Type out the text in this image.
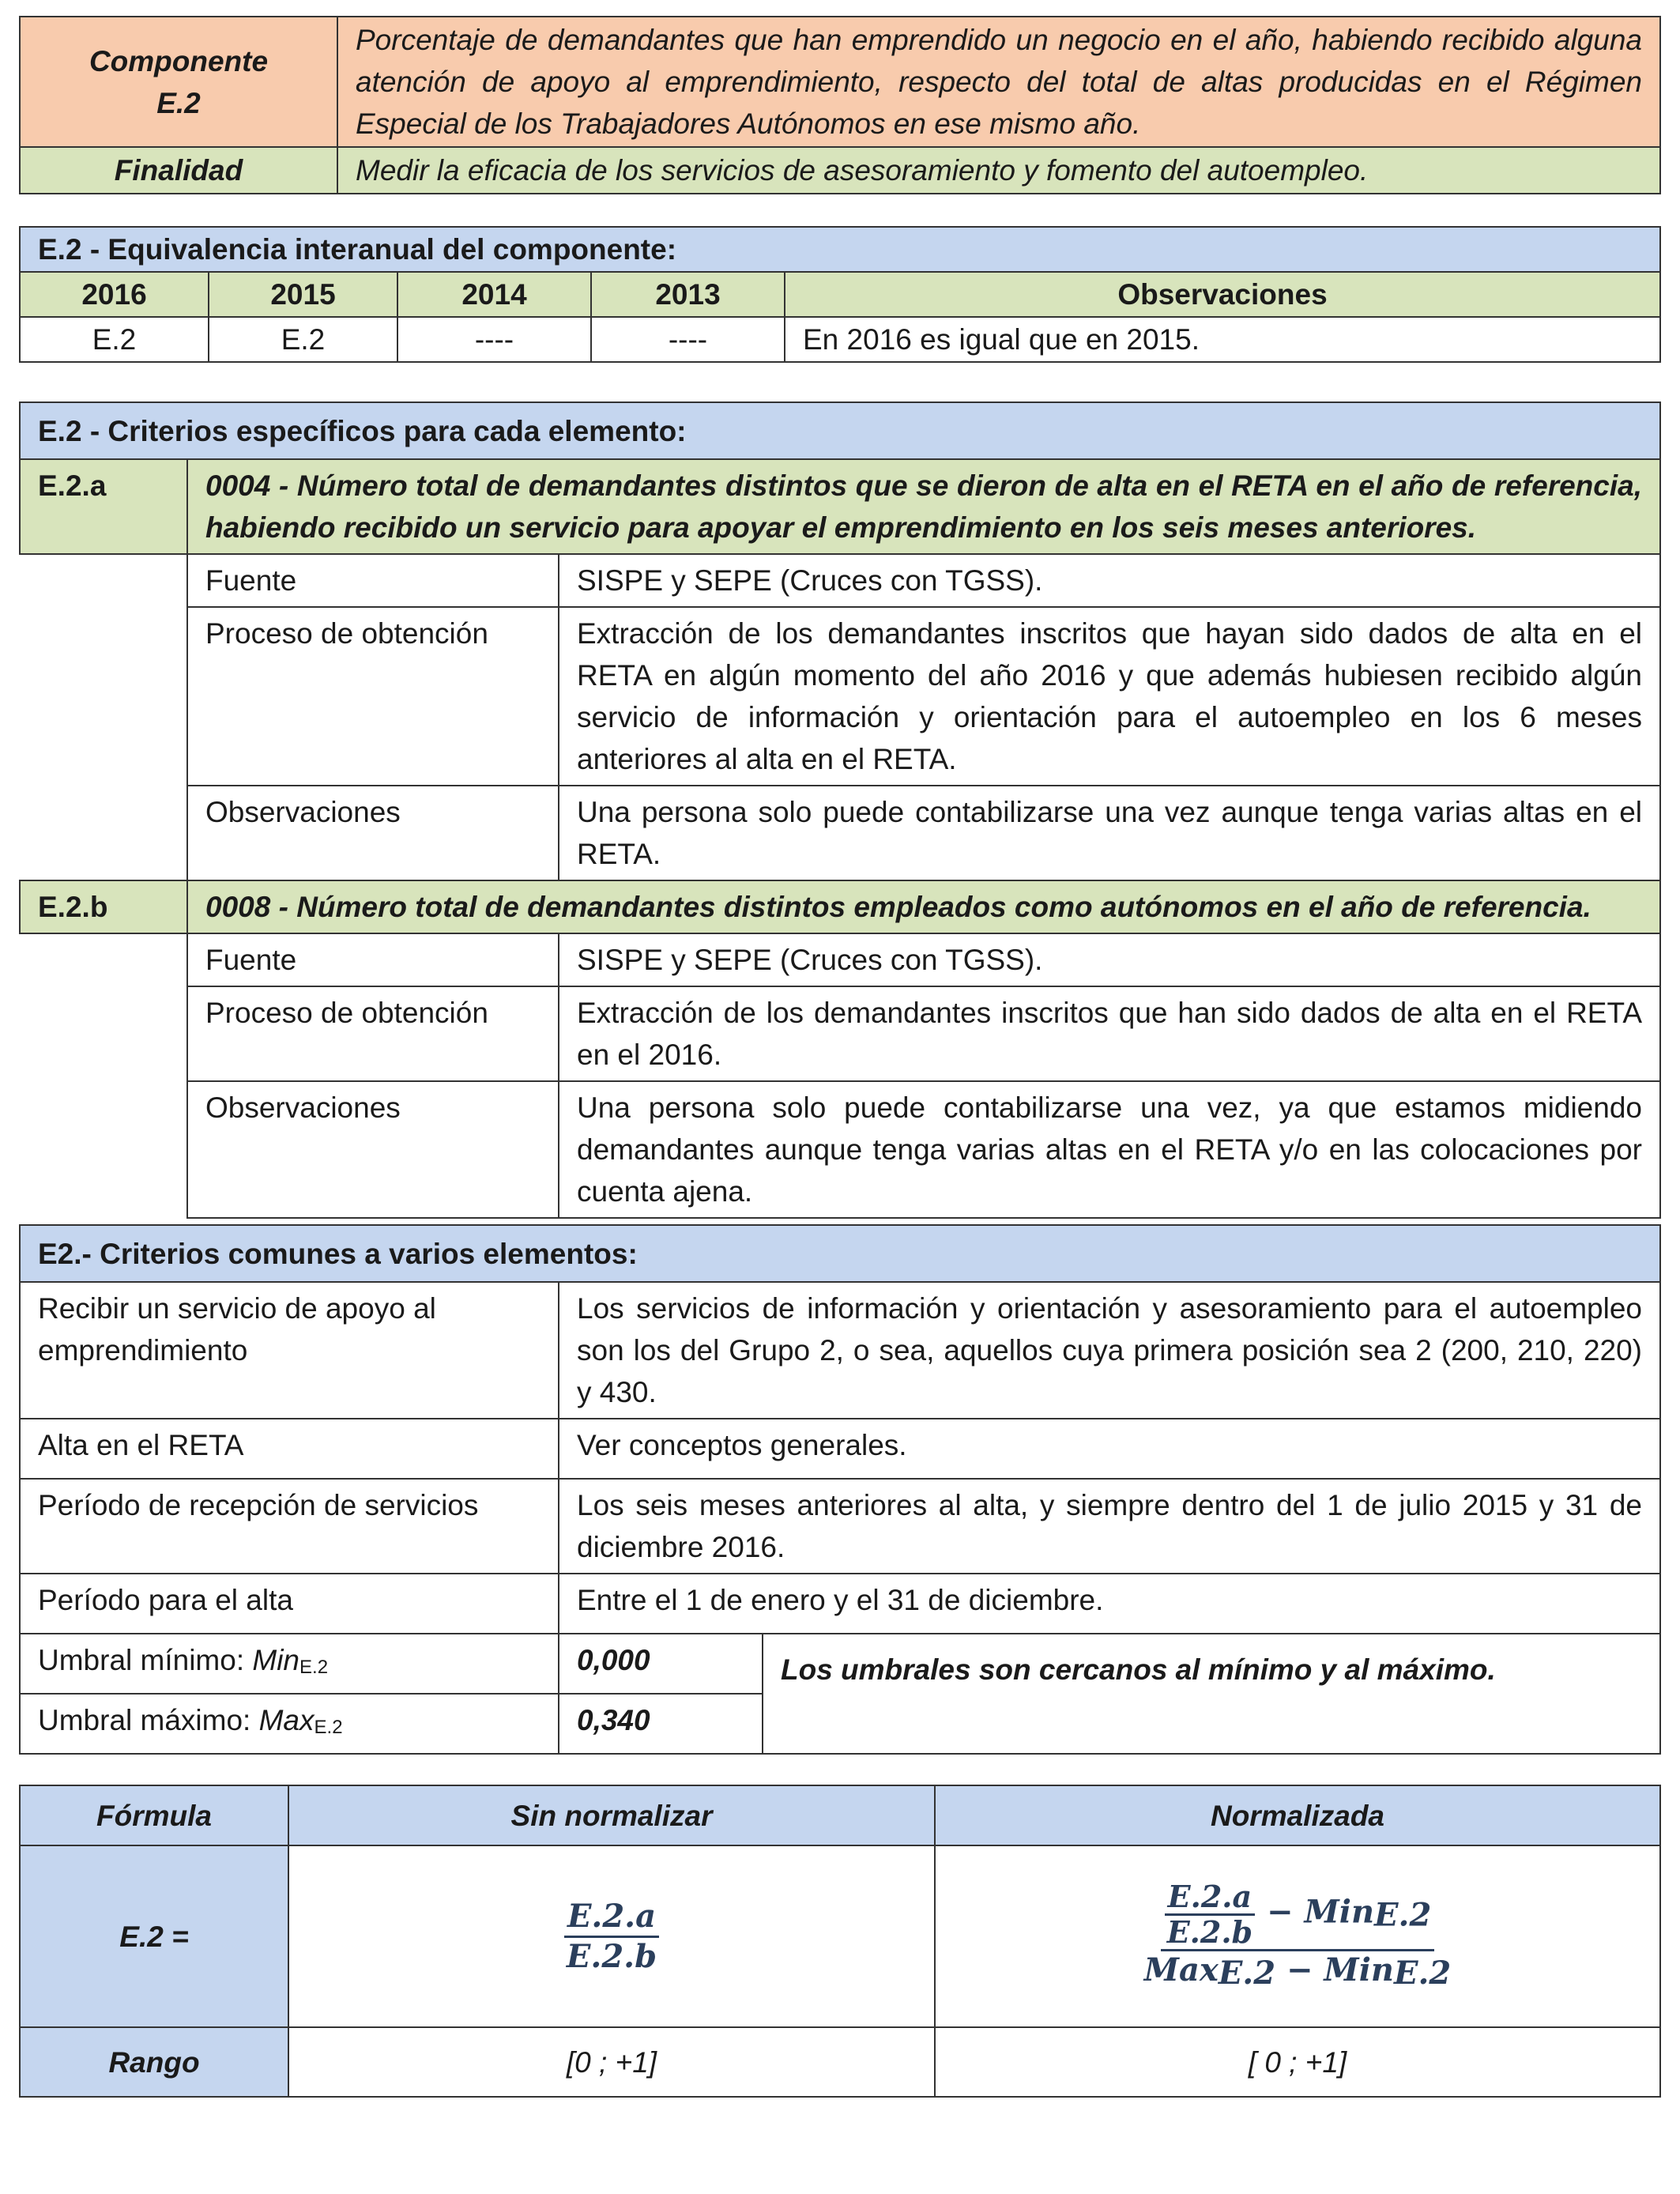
Componente
E.2	Porcentaje de demandantes que han emprendido un negocio en el año, habiendo recibido alguna atención de apoyo al emprendimiento, respecto del total de altas producidas en el Régimen Especial de los Trabajadores Autónomos en ese mismo año.
Finalidad	Medir la eficacia de los servicios de asesoramiento y fomento del autoempleo.
E.2 - Equivalencia interanual del componente:				
2016	2015	2014	2013	Observaciones
E.2	E.2	----	----	En 2016 es igual que en 2015.
E.2 - Criterios específicos para cada elemento:		
E.2.a	0004 - Número total de demandantes distintos que se dieron de alta en el RETA en el año de referencia, habiendo recibido un servicio para apoyar el emprendimiento en los seis meses anteriores.	
	Fuente	SISPE y SEPE (Cruces con TGSS).
	Proceso de obtención	Extracción de los demandantes inscritos que hayan sido dados de alta en el RETA en algún momento del año 2016 y que además hubiesen recibido algún servicio de información y orientación para el autoempleo en los 6 meses anteriores al alta en el RETA.
	Observaciones	Una persona solo puede contabilizarse una vez aunque tenga varias altas en el RETA.
E.2.b	0008 - Número total de demandantes distintos empleados como autónomos en el año de referencia.	
	Fuente	SISPE y SEPE (Cruces con TGSS).
	Proceso de obtención	Extracción de los demandantes inscritos que han sido dados de alta en el RETA en el 2016.
	Observaciones	Una persona solo puede contabilizarse una vez, ya que estamos midiendo demandantes aunque tenga varias altas en el RETA y/o en las colocaciones por cuenta ajena.
E2.- Criterios comunes a varios elementos:		
Recibir un servicio de apoyo al emprendimiento	Los servicios de información y orientación y asesoramiento para el autoempleo son los del Grupo 2, o sea, aquellos cuya primera posición sea 2 (200, 210, 220) y 430.	
Alta en el RETA	Ver conceptos generales.	
Período de recepción de servicios	Los seis meses anteriores al alta, y siempre dentro del 1 de julio 2015 y 31 de diciembre 2016.	
Período para el alta	Entre el 1 de enero y el 31 de diciembre.	
Umbral mínimo: Min$_{E.2}$	0,000	Los umbrales son cercanos al mínimo y al máximo.
Umbral máximo: Max$_{E.2}$	0,340	
Fórmula	Sin normalizar	Normalizada
E.2 =	$\frac{E.2.a}{E.2.b}$	$\frac{\frac{E.2.a}{E.2.b} - Min_{E.2}}{Max_{E.2} - Min_{E.2}}$

Rango	[0 ; +1]	[ 0 ; +1]
